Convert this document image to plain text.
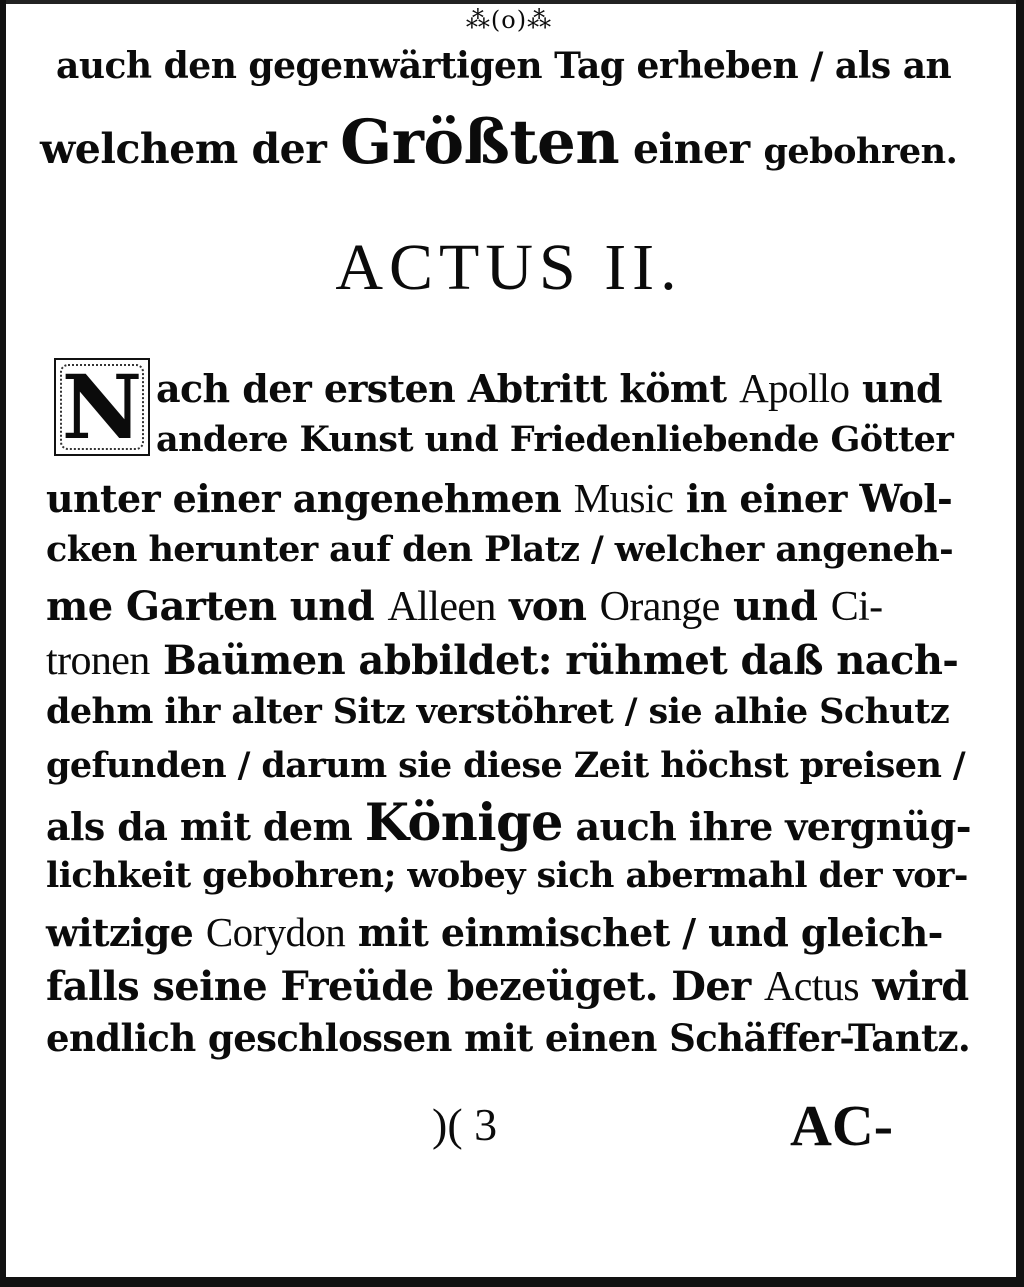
⁂(o)⁂
auch den gegenwärtigen Tag erheben / als an
welchem der Größten einer gebohren.
ACTUS II.
N ach der ersten Abtritt kömt Apollo und
andere Kunst und Friedenliebende Götter
unter einer angenehmen Music in einer Wol-
cken herunter auf den Platz / welcher angeneh-
me Garten und Alleen von Orange und Ci-
tronen Baümen abbildet: rühmet daß nach-
dehm ihr alter Sitz verstöhret / sie alhie Schutz
gefunden / darum sie diese Zeit höchst preisen /
als da mit dem Könige auch ihre vergnüg-
lichkeit gebohren; wobey sich abermahl der vor-
witzige Corydon mit einmischet / und gleich-
falls seine Freüde bezeüget. Der Actus wird
endlich geschlossen mit einen Schäffer-Tantz.
)( 3	AC-
